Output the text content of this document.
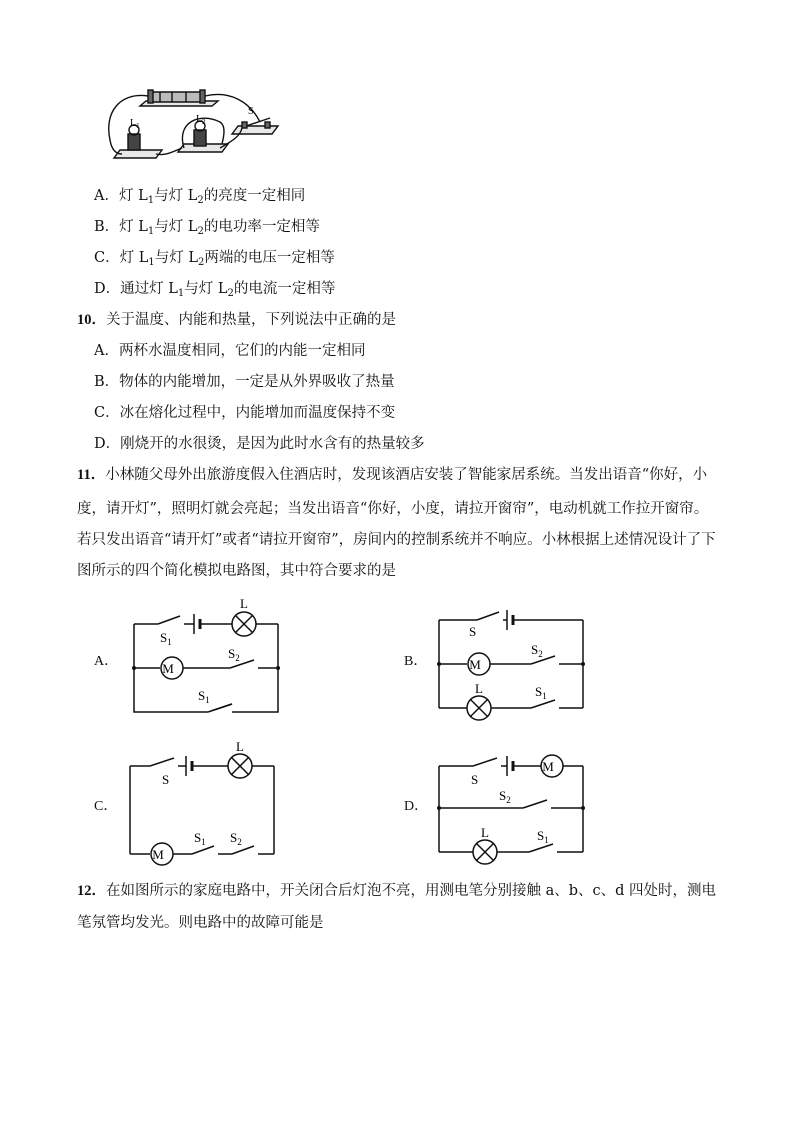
$L_1$
$L_2$
S
A．灯 $L_1$与灯 $L_2$的亮度一定相同
B．灯 $L_1$与灯 $L_2$的电功率一定相等
C．灯 $L_1$与灯 $L_2$两端的电压一定相等
D．通过灯 $L_1$与灯 $L_2$的电流一定相等
10．关于温度、内能和热量，下列说法中正确的是
A．两杯水温度相同，它们的内能一定相同
B．物体的内能增加，一定是从外界吸收了热量
C．冰在熔化过程中，内能增加而温度保持不变
D．刚烧开的水很烫，是因为此时水含有的热量较多
11．小林随父母外出旅游度假入住酒店时，发现该酒店安装了智能家居系统。当发出语音“你好，小
度，请开灯”，照明灯就会亮起；当发出语音“你好，小度，请拉开窗帘”，电动机就工作拉开窗帘。
若只发出语音“请开灯”或者“请拉开窗帘”，房间内的控制系统并不响应。小林根据上述情况设计了下
图所示的四个简化模拟电路图，其中符合要求的是
A．	B．
C．	D．
M
L
$S_1$
$S_2$
$S_1$
M
L
S
$S_2$
$S_1$
M
L
S
$S_1$ $S_2$
M
L
S
$S_2$
$S_1$
12．在如图所示的家庭电路中，开关闭合后灯泡不亮，用测电笔分别接触 a、b、c、d 四处时，测电
笔氖管均发光。则电路中的故障可能是
